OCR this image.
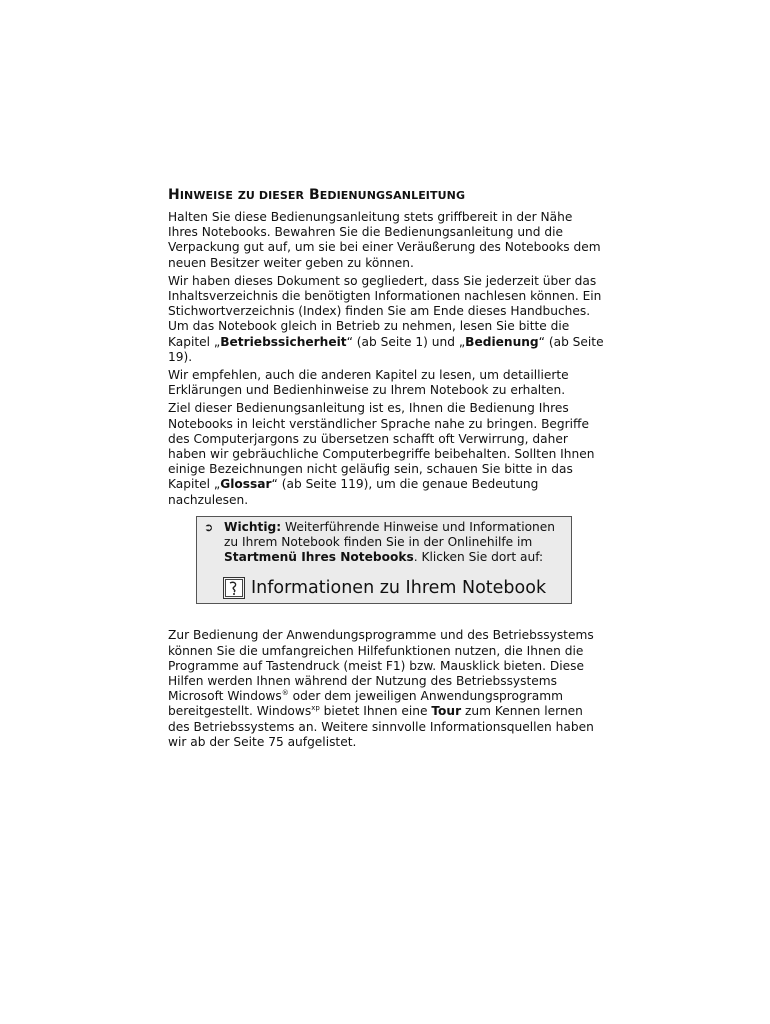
HINWEISE ZU DIESER BEDIENUNGSANLEITUNG

Halten Sie diese Bedienungsanleitung stets griffbereit in der Nähe Ihres Notebooks. Bewahren Sie die Bedienungsanleitung und die Verpackung gut auf, um sie bei einer Veräußerung des Notebooks dem neuen Besitzer weiter geben zu können.

Wir haben dieses Dokument so gegliedert, dass Sie jederzeit über das Inhaltsverzeichnis die benötigten Informationen nachlesen können. Ein Stichwortverzeichnis (Index) finden Sie am Ende dieses Handbuches. Um das Notebook gleich in Betrieb zu nehmen, lesen Sie bitte die Kapitel „Betriebssicherheit“ (ab Seite 1) und „Bedienung“ (ab Seite 19).

Wir empfehlen, auch die anderen Kapitel zu lesen, um detaillierte Erklärungen und Bedienhinweise zu Ihrem Notebook zu erhalten.

Ziel dieser Bedienungsanleitung ist es, Ihnen die Bedienung Ihres Notebooks in leicht verständlicher Sprache nahe zu bringen. Begriffe des Computerjargons zu übersetzen schafft oft Verwirrung, daher haben wir gebräuchliche Computerbegriffe beibehalten. Sollten Ihnen einige Bezeichnungen nicht geläufig sein, schauen Sie bitte in das Kapitel „Glossar“ (ab Seite 119), um die genaue Bedeutung nachzulesen.

➲ Wichtig: Weiterführende Hinweise und Informationen zu Ihrem Notebook finden Sie in der Onlinehilfe im Startmenü Ihres Notebooks. Klicken Sie dort auf:
Informationen zu Ihrem Notebook

Zur Bedienung der Anwendungsprogramme und des Betriebssystems können Sie die umfangreichen Hilfefunktionen nutzen, die Ihnen die Programme auf Tastendruck (meist F1) bzw. Mausklick bieten. Diese Hilfen werden Ihnen während der Nutzung des Betriebssystems Microsoft Windows® oder dem jeweiligen Anwendungsprogramm bereitgestellt. Windows$^{xp}$ bietet Ihnen eine Tour zum Kennen lernen des Betriebssystems an. Weitere sinnvolle Informationsquellen haben wir ab der Seite 75 aufgelistet.
